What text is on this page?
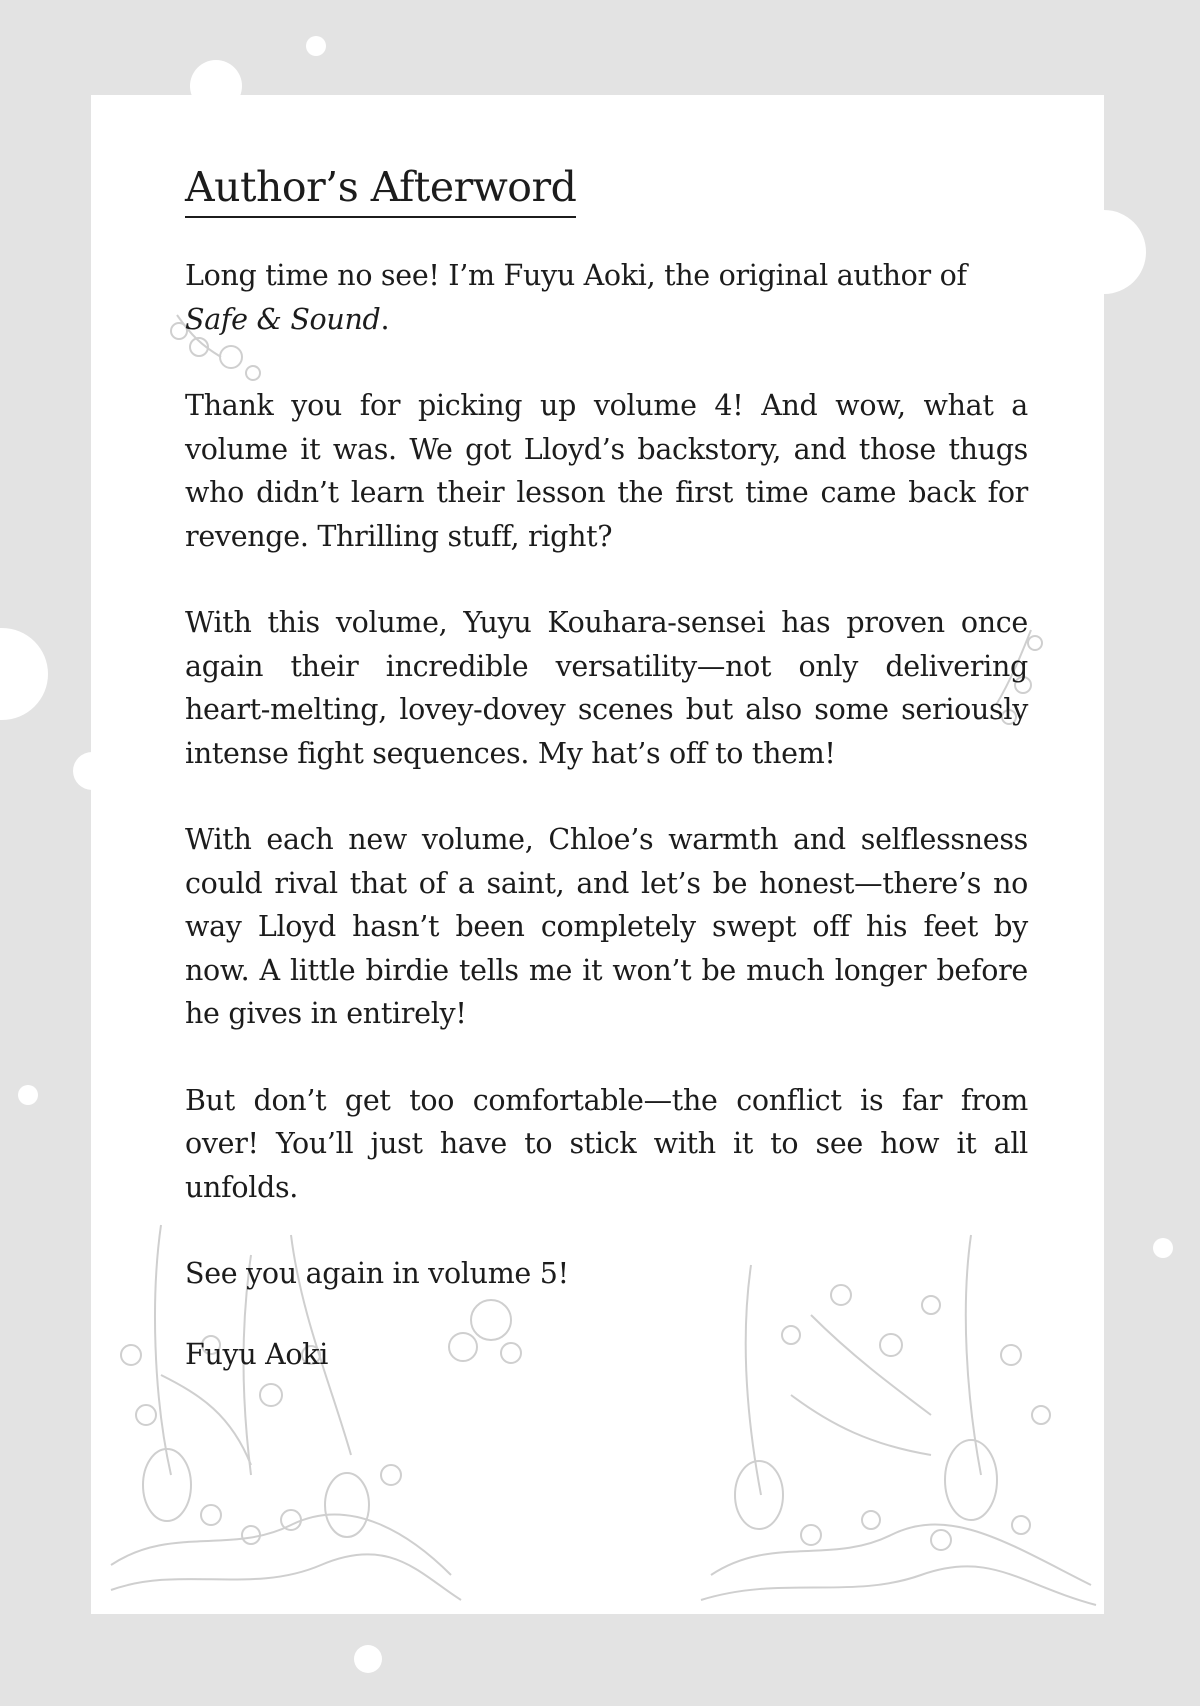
Author’s Afterword

Long time no see! I’m Fuyu Aoki, the original author of Safe & Sound.

Thank you for picking up volume 4! And wow, what a volume it was. We got Lloyd’s backstory, and those thugs who didn’t learn their lesson the first time came back for revenge. Thrilling stuff, right?

With this volume, Yuyu Kouhara-sensei has proven once again their incredible versatility—not only delivering heart-melting, lovey-dovey scenes but also some seriously intense fight sequences. My hat’s off to them!

With each new volume, Chloe’s warmth and selflessness could rival that of a saint, and let’s be honest—there’s no way Lloyd hasn’t been completely swept off his feet by now. A little birdie tells me it won’t be much longer before he gives in entirely!

But don’t get too comfortable—the conflict is far from over! You’ll just have to stick with it to see how it all unfolds.

See you again in volume 5!

Fuyu Aoki
